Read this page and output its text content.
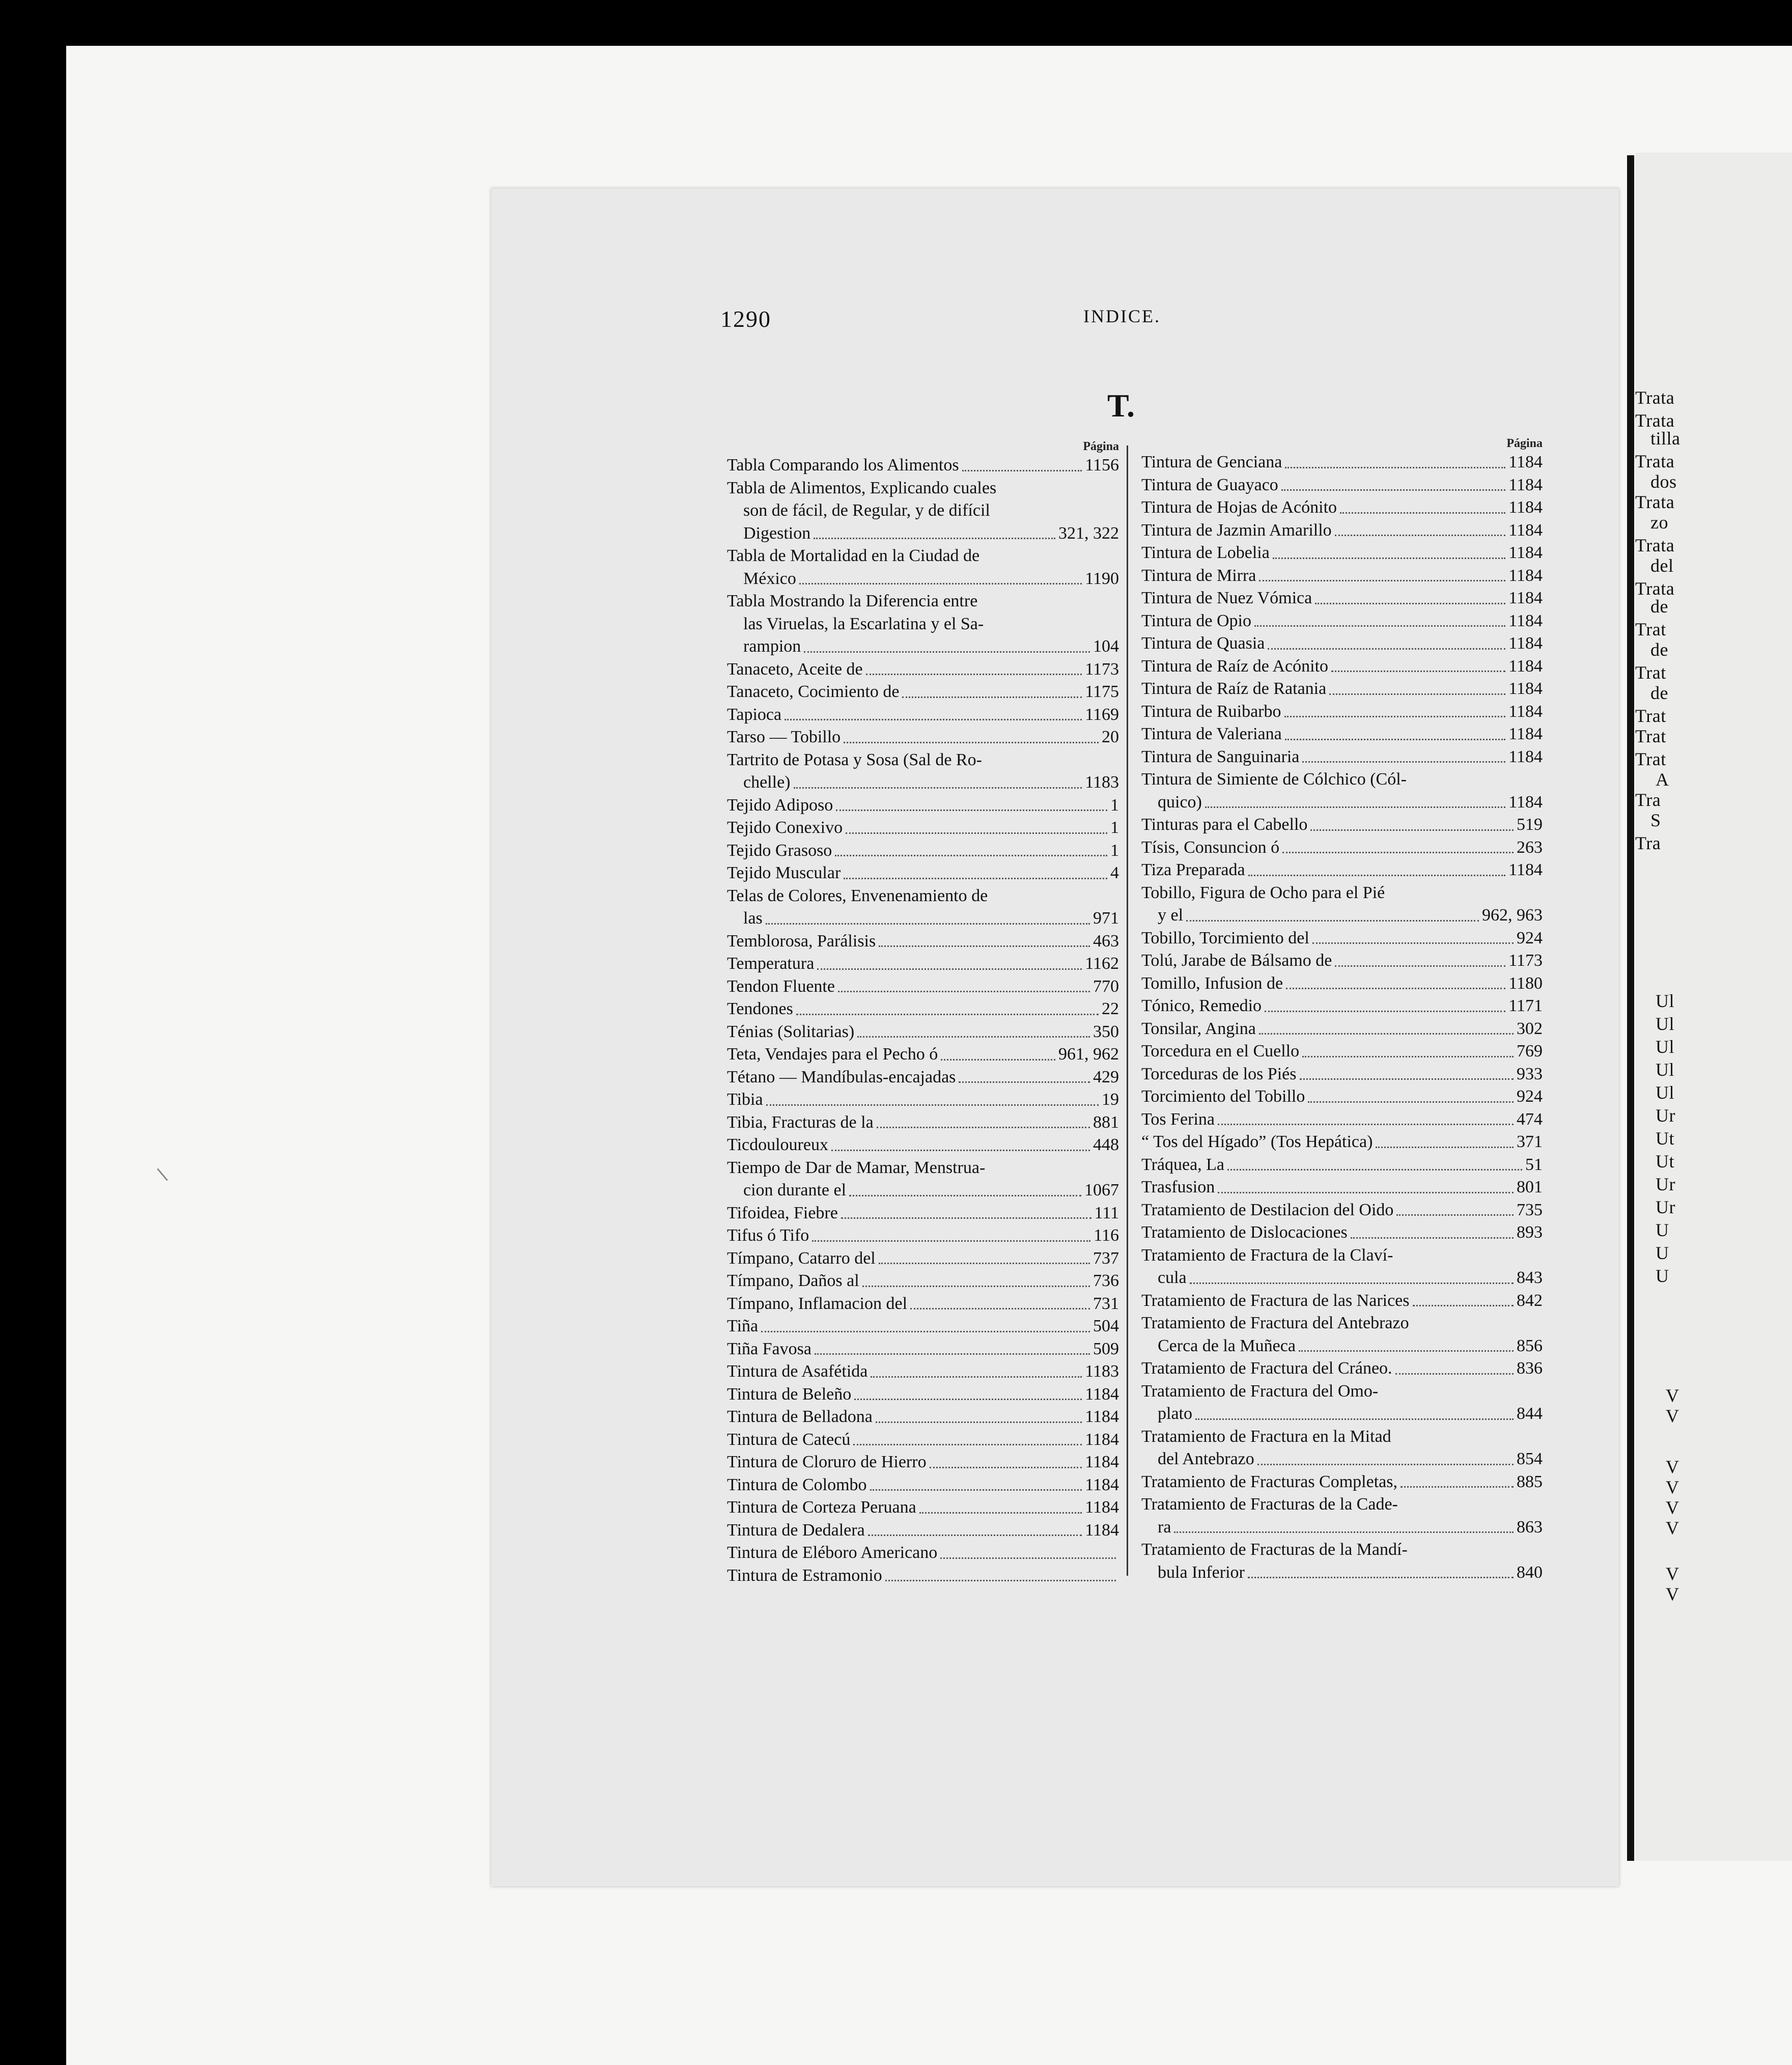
Trata
Trata
tilla
Trata
dos
Trata
zo
Trata
del
Trata
de
Trat
de
Trat
de
Trat
Trat
Trat
A
Tra
S
Tra
Ul
Ul
Ul
Ul
Ul
Ur
Ut
Ut
Ur
Ur
U
U
U
V
V
V
V
V
V
V
V
1290	INDICE.
T.
Página
Tabla Comparando los Alimentos	1156
Tabla de Alimentos, Explicando cuales
son de fácil, de Regular, y de difícil
Digestion	321, 322
Tabla de Mortalidad en la Ciudad de
México	1190
Tabla Mostrando la Diferencia entre
las Viruelas, la Escarlatina y el Sa-
rampion	104
Tanaceto, Aceite de	1173
Tanaceto, Cocimiento de	1175
Tapioca	1169
Tarso — Tobillo	20
Tartrito de Potasa y Sosa (Sal de Ro-
chelle)	1183
Tejido Adiposo	1
Tejido Conexivo	1
Tejido Grasoso	1
Tejido Muscular	4
Telas de Colores, Envenenamiento de
las	971
Temblorosa, Parálisis	463
Temperatura	1162
Tendon Fluente	770
Tendones	22
Ténias (Solitarias)	350
Teta, Vendajes para el Pecho ó	961, 962
Tétano — Mandíbulas-encajadas	429
Tibia	19
Tibia, Fracturas de la	881
Ticdouloureux	448
Tiempo de Dar de Mamar, Menstrua-
cion durante el	1067
Tifoidea, Fiebre	111
Tifus ó Tifo	116
Tímpano, Catarro del	737
Tímpano, Daños al	736
Tímpano, Inflamacion del	731
Tiña	504
Tiña Favosa	509
Tintura de Asafétida	1183
Tintura de Beleño	1184
Tintura de Belladona	1184
Tintura de Catecú	1184
Tintura de Cloruro de Hierro	1184
Tintura de Colombo	1184
Tintura de Corteza Peruana	1184
Tintura de Dedalera	1184
Tintura de Eléboro Americano
Tintura de Estramonio
Página
Tintura de Genciana	1184
Tintura de Guayaco	1184
Tintura de Hojas de Acónito	1184
Tintura de Jazmin Amarillo	1184
Tintura de Lobelia	1184
Tintura de Mirra	1184
Tintura de Nuez Vómica	1184
Tintura de Opio	1184
Tintura de Quasia	1184
Tintura de Raíz de Acónito	1184
Tintura de Raíz de Ratania	1184
Tintura de Ruibarbo	1184
Tintura de Valeriana	1184
Tintura de Sanguinaria	1184
Tintura de Simiente de Cólchico (Cól-
quico)	1184
Tinturas para el Cabello	519
Tísis, Consuncion ó	263
Tiza Preparada	1184
Tobillo, Figura de Ocho para el Pié
y el	962, 963
Tobillo, Torcimiento del	924
Tolú, Jarabe de Bálsamo de	1173
Tomillo, Infusion de	1180
Tónico, Remedio	1171
Tonsilar, Angina	302
Torcedura en el Cuello	769
Torceduras de los Piés	933
Torcimiento del Tobillo	924
Tos Ferina	474
“ Tos del Hígado” (Tos Hepática)	371
Tráquea, La	51
Trasfusion	801
Tratamiento de Destilacion del Oido	735
Tratamiento de Dislocaciones	893
Tratamiento de Fractura de la Claví-
cula	843
Tratamiento de Fractura de las Narices	842
Tratamiento de Fractura del Antebrazo
Cerca de la Muñeca	856
Tratamiento de Fractura del Cráneo.	836
Tratamiento de Fractura del Omo-
plato	844
Tratamiento de Fractura en la Mitad
del Antebrazo	854
Tratamiento de Fracturas Completas,	885
Tratamiento de Fracturas de la Cade-
ra	863
Tratamiento de Fracturas de la Mandí-
bula Inferior	840
